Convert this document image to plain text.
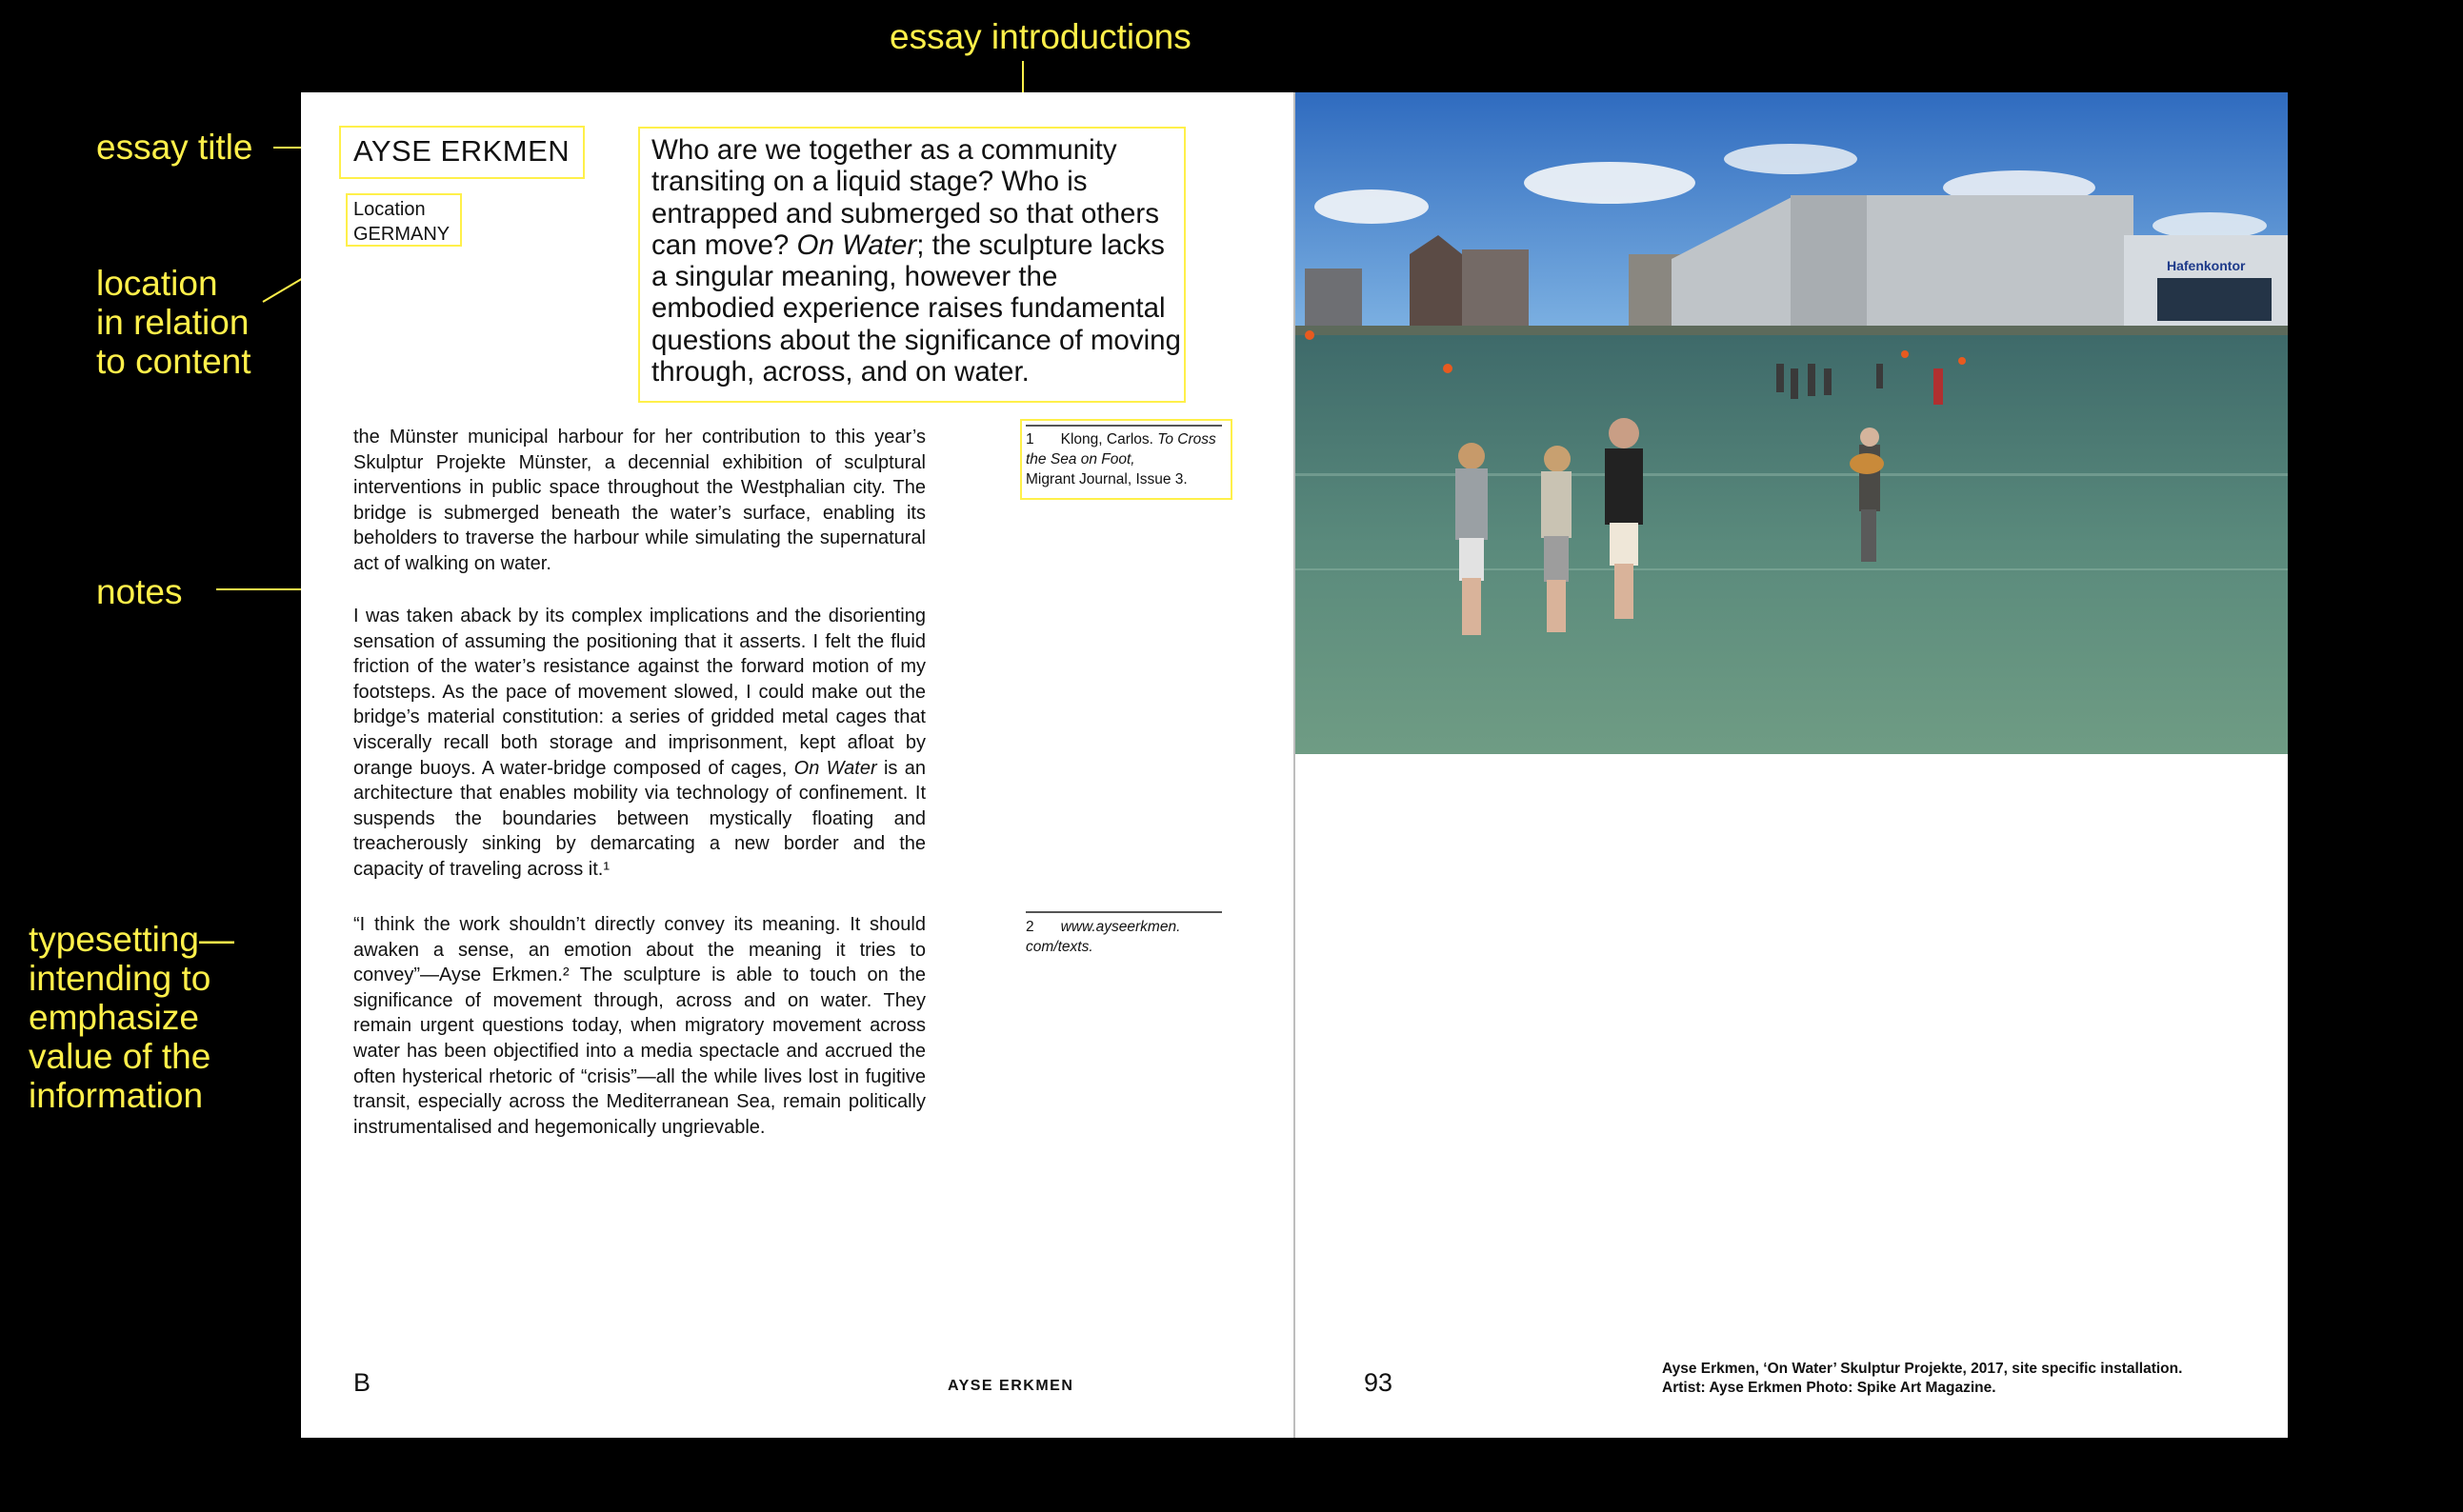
essay introductions
essay title
location
in relation
to content
notes
typesetting—
intending to
emphasize
value of the
information
AYSE ERKMEN
Location
GERMANY
Who are we together as a community transiting on a liquid stage? Who is entrapped and submerged so that others can move? On Water; the sculpture lacks a singular meaning, however the embodied experience raises fundamental questions about the significance of moving through, across, and on water.

the Münster municipal harbour for her contribution to this year’s Skulptur Projekte Münster, a decennial exhibition of sculptural interventions in public space throughout the Westphalian city. The bridge is submerged beneath the water’s surface, enabling its beholders to traverse the harbour while simulating the supernatural act of walking on water.

I was taken aback by its complex implications and the disorienting sensation of assuming the positioning that it asserts. I felt the fluid friction of the water’s resistance against the forward motion of my footsteps. As the pace of movement slowed, I could make out the bridge’s material constitution: a series of gridded metal cages that viscerally recall both storage and imprisonment, kept afloat by orange buoys. A water-bridge composed of cages, On Water is an architecture that enables mobility via technology of confinement. It suspends the boundaries between mystically floating and treacherously sinking by demarcating a new border and the capacity of traveling across it.¹

“I think the work shouldn’t directly convey its meaning. It should awaken a sense, an emotion about the meaning it tries to convey”—Ayse Erkmen.² The sculpture is able to touch on the significance of movement through, across and on water. They remain urgent questions today, when migratory movement across water has been objectified into a media spectacle and accrued the often hysterical rhetoric of “crisis”—all the while lives lost in fugitive transit, especially across the Mediterranean Sea, remain politically instrumentalised and hegemonically ungrievable.

1 Klong, Carlos. To Cross the Sea on Foot,
Migrant Journal, Issue 3.
2 www.ayseerkmen.com/texts.
B	AYSE ERKMEN
Hafenkontor
93	Ayse Erkmen, ‘On Water’ Skulptur Projekte, 2017, site specific installation.
Artist: Ayse Erkmen Photo: Spike Art Magazine.
